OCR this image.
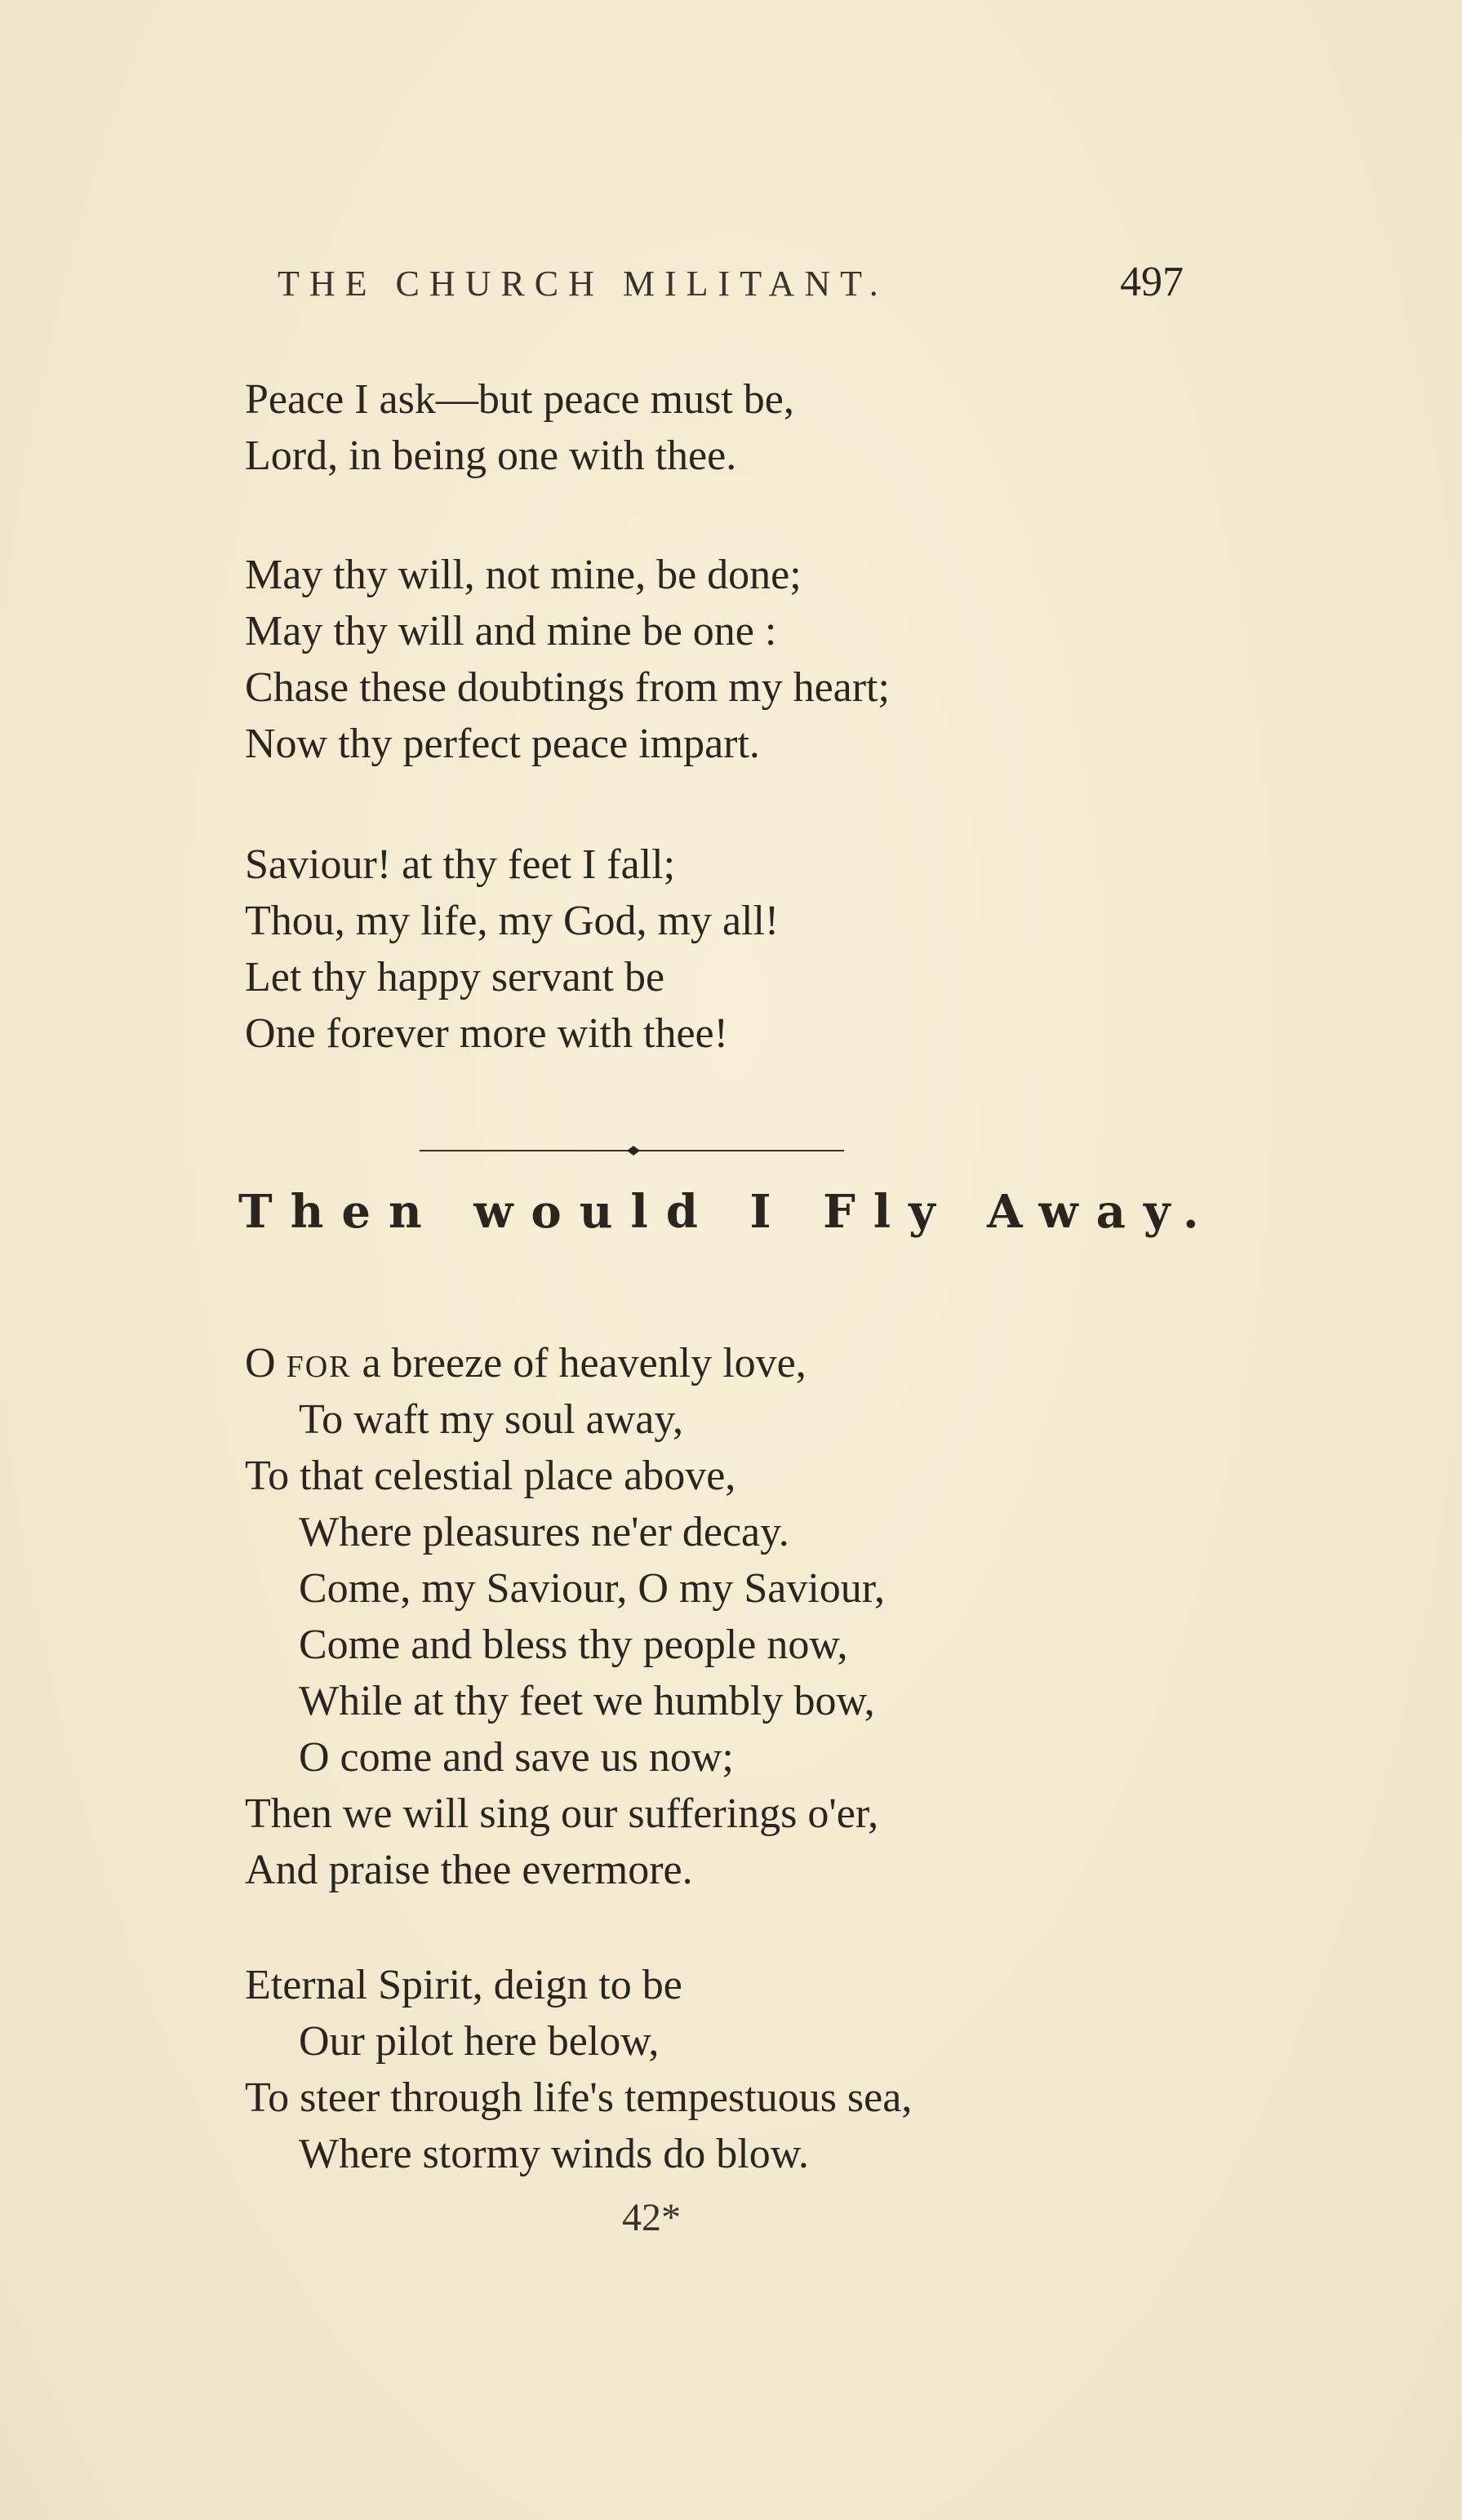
THE CHURCH MILITANT.	497
Peace I ask—but peace must be,
Lord, in being one with thee.
May thy will, not mine, be done;
May thy will and mine be one :
Chase these doubtings from my heart;
Now thy perfect peace impart.
Saviour! at thy feet I fall;
Thou, my life, my God, my all!
Let thy happy servant be
One forever more with thee!
Then would I Fly Away.
O FOR a breeze of heavenly love,
To waft my soul away,
To that celestial place above,
Where pleasures ne'er decay.
Come, my Saviour, O my Saviour,
Come and bless thy people now,
While at thy feet we humbly bow,
O come and save us now;
Then we will sing our sufferings o'er,
And praise thee evermore.
Eternal Spirit, deign to be
Our pilot here below,
To steer through life's tempestuous sea,
Where stormy winds do blow.
42*
